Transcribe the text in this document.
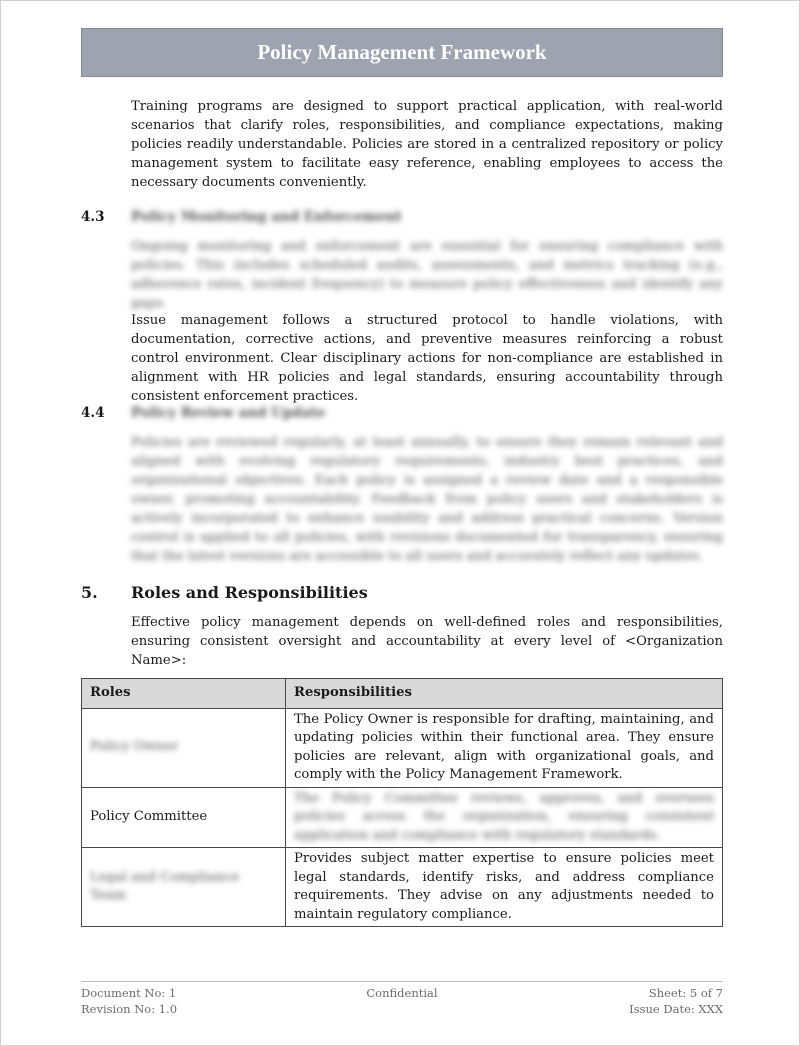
Policy Management Framework

Training programs are designed to support practical application, with real-world scenarios that clarify roles, responsibilities, and compliance expectations, making policies readily understandable. Policies are stored in a centralized repository or policy management system to facilitate easy reference, enabling employees to access the necessary documents conveniently.

4.3 Policy Monitoring and Enforcement

Ongoing monitoring and enforcement are essential for ensuring compliance with policies. This includes scheduled audits, assessments, and metrics tracking (e.g., adherence rates, incident frequency) to measure policy effectiveness and identify any gaps.

Issue management follows a structured protocol to handle violations, with documentation, corrective actions, and preventive measures reinforcing a robust control environment. Clear disciplinary actions for non-compliance are established in alignment with HR policies and legal standards, ensuring accountability through consistent enforcement practices.

4.4 Policy Review and Update

Policies are reviewed regularly, at least annually, to ensure they remain relevant and aligned with evolving regulatory requirements, industry best practices, and organizational objectives. Each policy is assigned a review date and a responsible owner, promoting accountability. Feedback from policy users and stakeholders is actively incorporated to enhance usability and address practical concerns. Version control is applied to all policies, with revisions documented for transparency, ensuring that the latest versions are accessible to all users and accurately reflect any updates.

5. Roles and Responsibilities

Effective policy management depends on well-defined roles and responsibilities, ensuring consistent oversight and accountability at every level of <Organization Name>:

Roles	Responsibilities
Policy Owner	The Policy Owner is responsible for drafting, maintaining, and updating policies within their functional area. They ensure policies are relevant, align with organizational goals, and comply with the Policy Management Framework.
Policy Committee	The Policy Committee reviews, approves, and oversees policies across the organization, ensuring consistent application and compliance with regulatory standards.
Legal and Compliance Team	Provides subject matter expertise to ensure policies meet legal standards, identify risks, and address compliance requirements. They advise on any adjustments needed to maintain regulatory compliance.
Document No: 1	Confidential	Sheet: 5 of 7
Revision No: 1.0	Issue Date: XXX
